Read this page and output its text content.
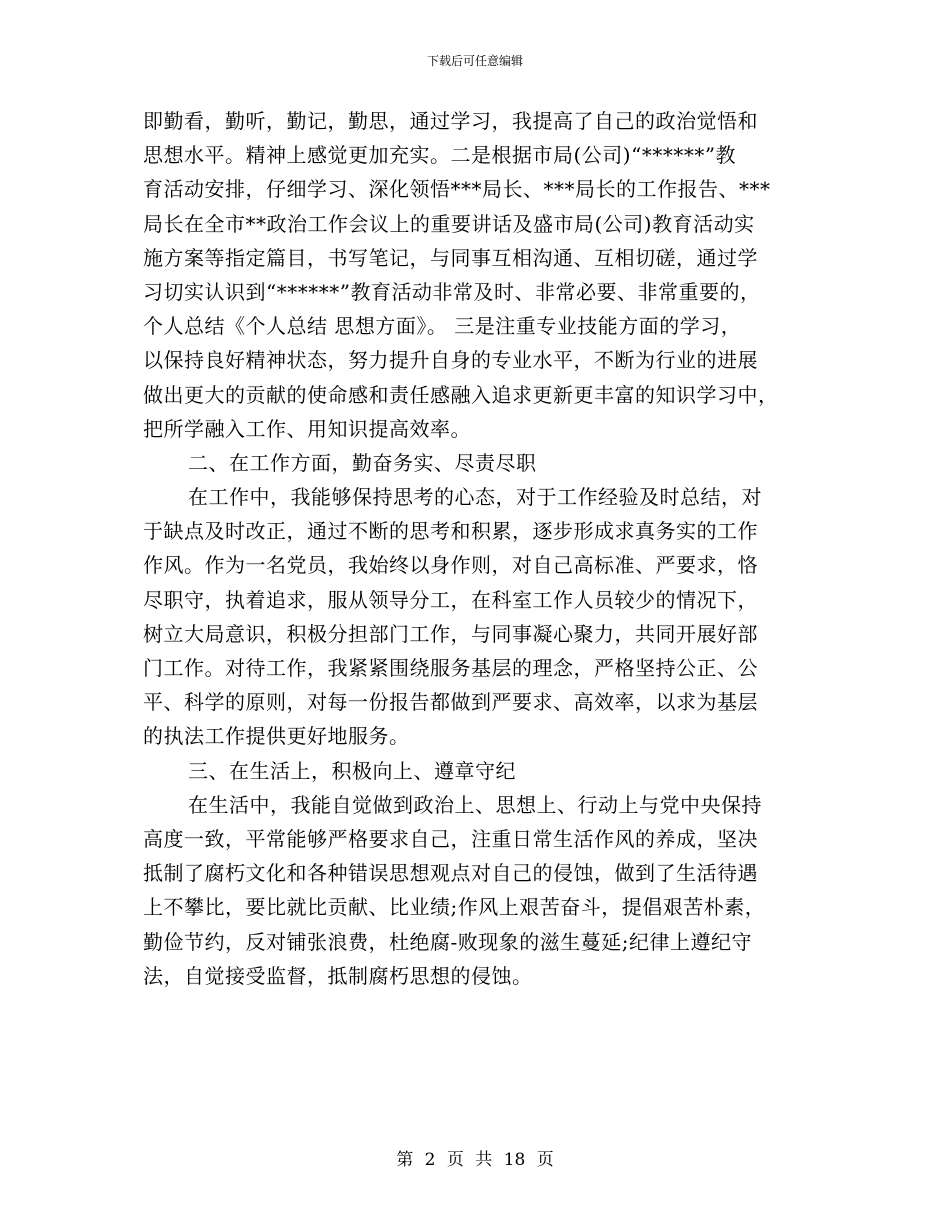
下载后可任意编辑
即勤看，勤听，勤记，勤思，通过学习，我提高了自己的政治觉悟和
思想水平。精神上感觉更加充实。二是根据市局(公司)“******”教
育活动安排，仔细学习、深化领悟***局长、***局长的工作报告、***
局长在全市**政治工作会议上的重要讲话及盛市局(公司)教育活动实
施方案等指定篇目，书写笔记，与同事互相沟通、互相切磋，通过学
习切实认识到“******”教育活动非常及时、非常必要、非常重要的，
个人总结《个人总结 思想方面》。 三是注重专业技能方面的学习，
以保持良好精神状态，努力提升自身的专业水平，不断为行业的进展
做出更大的贡献的使命感和责任感融入追求更新更丰富的知识学习中，
把所学融入工作、用知识提高效率。
二、在工作方面，勤奋务实、尽责尽职
在工作中，我能够保持思考的心态，对于工作经验及时总结，对
于缺点及时改正，通过不断的思考和积累，逐步形成求真务实的工作
作风。作为一名党员，我始终以身作则，对自己高标准、严要求，恪
尽职守，执着追求，服从领导分工，在科室工作人员较少的情况下，
树立大局意识，积极分担部门工作，与同事凝心聚力，共同开展好部
门工作。对待工作，我紧紧围绕服务基层的理念，严格坚持公正、公
平、科学的原则，对每一份报告都做到严要求、高效率，以求为基层
的执法工作提供更好地服务。
三、在生活上，积极向上、遵章守纪
在生活中，我能自觉做到政治上、思想上、行动上与党中央保持
高度一致，平常能够严格要求自己，注重日常生活作风的养成，坚决
抵制了腐朽文化和各种错误思想观点对自己的侵蚀，做到了生活待遇
上不攀比，要比就比贡献、比业绩;作风上艰苦奋斗，提倡艰苦朴素，
勤俭节约，反对铺张浪费，杜绝腐-败现象的滋生蔓延;纪律上遵纪守
法，自觉接受监督，抵制腐朽思想的侵蚀。
第 2 页 共 18 页
